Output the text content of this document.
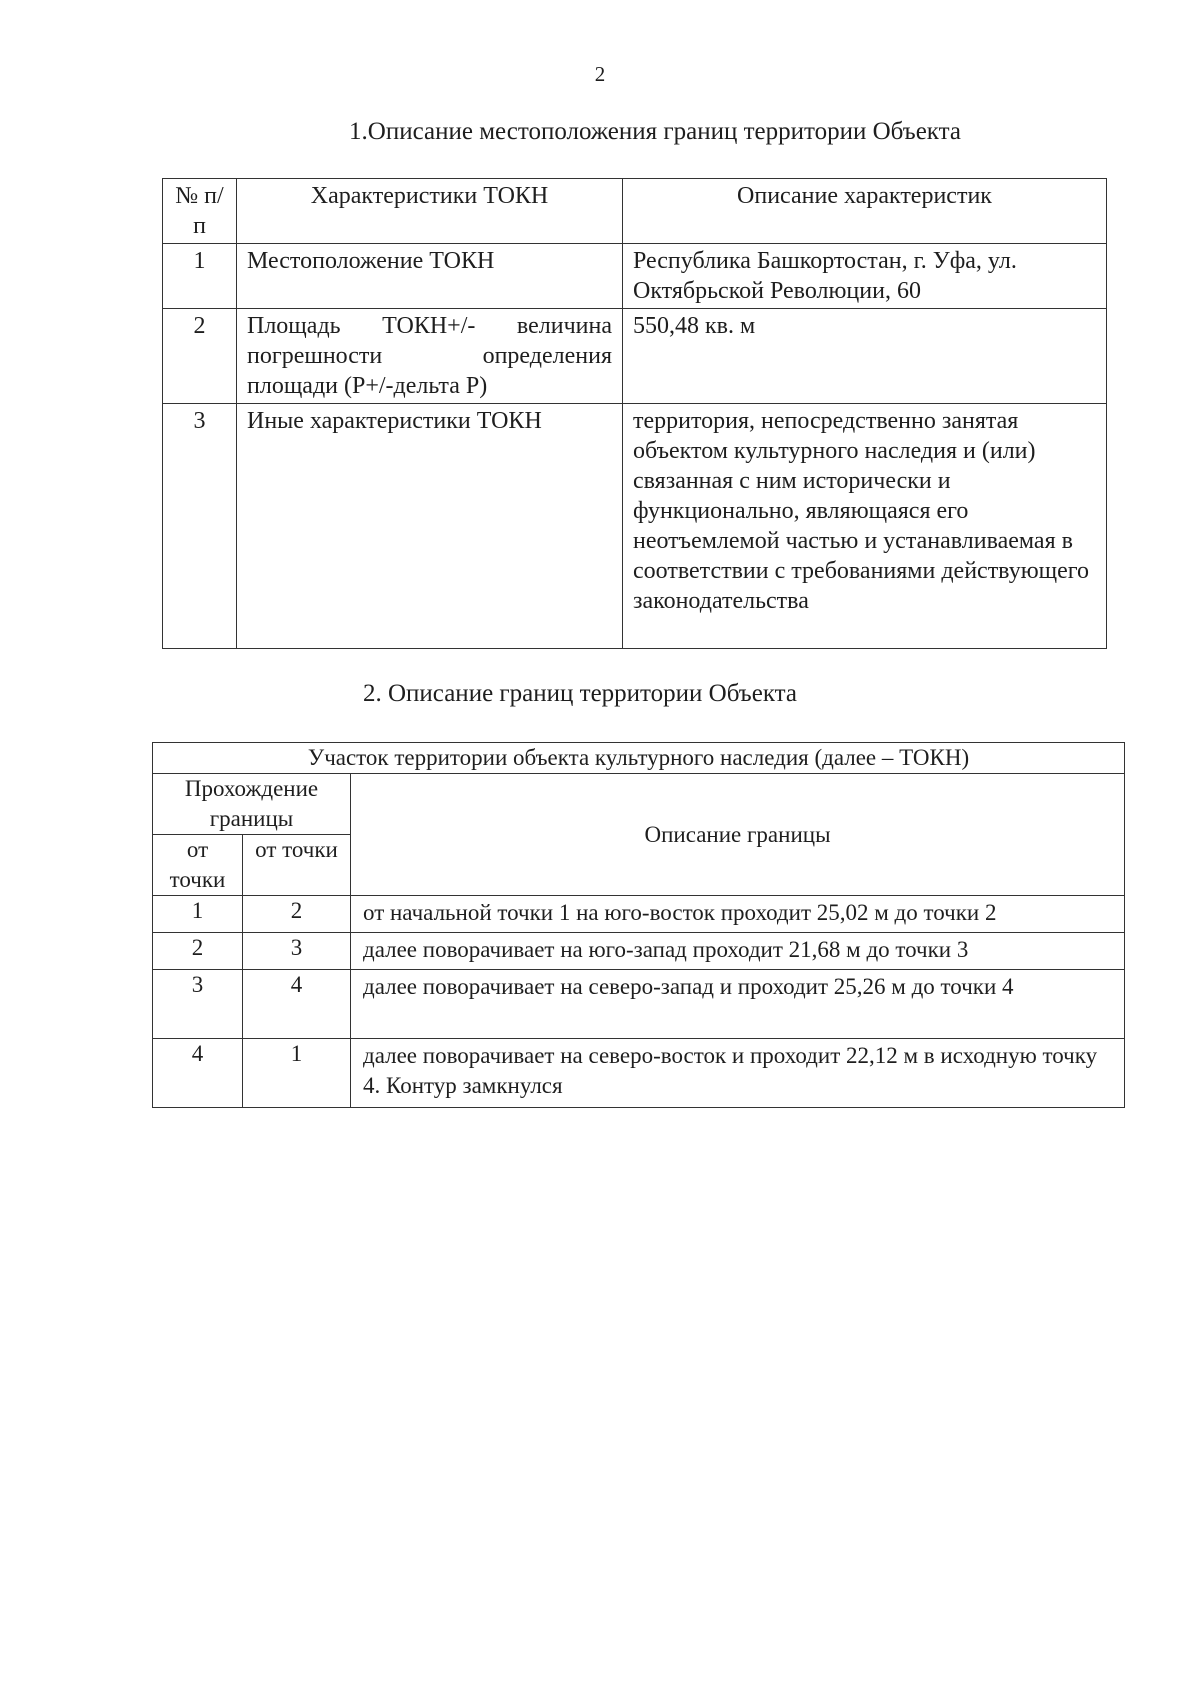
2
1.Описание местоположения границ территории Объекта
№ п/п	Характеристики ТОКН	Описание характеристик
1	Местоположение ТОКН	Республика Башкортостан, г. Уфа, ул. Октябрьской Революции, 60
2	Площадь ТОКН+/- величина погрешности определения площади (Р+/-дельта Р)	550,48 кв. м
3	Иные характеристики ТОКН	территория, непосредственно занятая объектом культурного наследия и (или) связанная с ним исторически и функционально, являющаяся его неотъемлемой частью и устанавливаемая в соответствии с требованиями действующего законодательства
2. Описание границ территории Объекта
Участок территории объекта культурного наследия (далее – ТОКН)		
Прохождение границы		Описание границы
от точки	от точки	
1	2	от начальной точки 1 на юго-восток проходит 25,02 м до точки 2
2	3	далее поворачивает на юго-запад проходит 21,68 м до точки 3
3	4	далее поворачивает на северо-запад и проходит 25,26 м до точки 4
4	1	далее поворачивает на северо-восток и проходит 22,12 м в исходную точку 4. Контур замкнулся
